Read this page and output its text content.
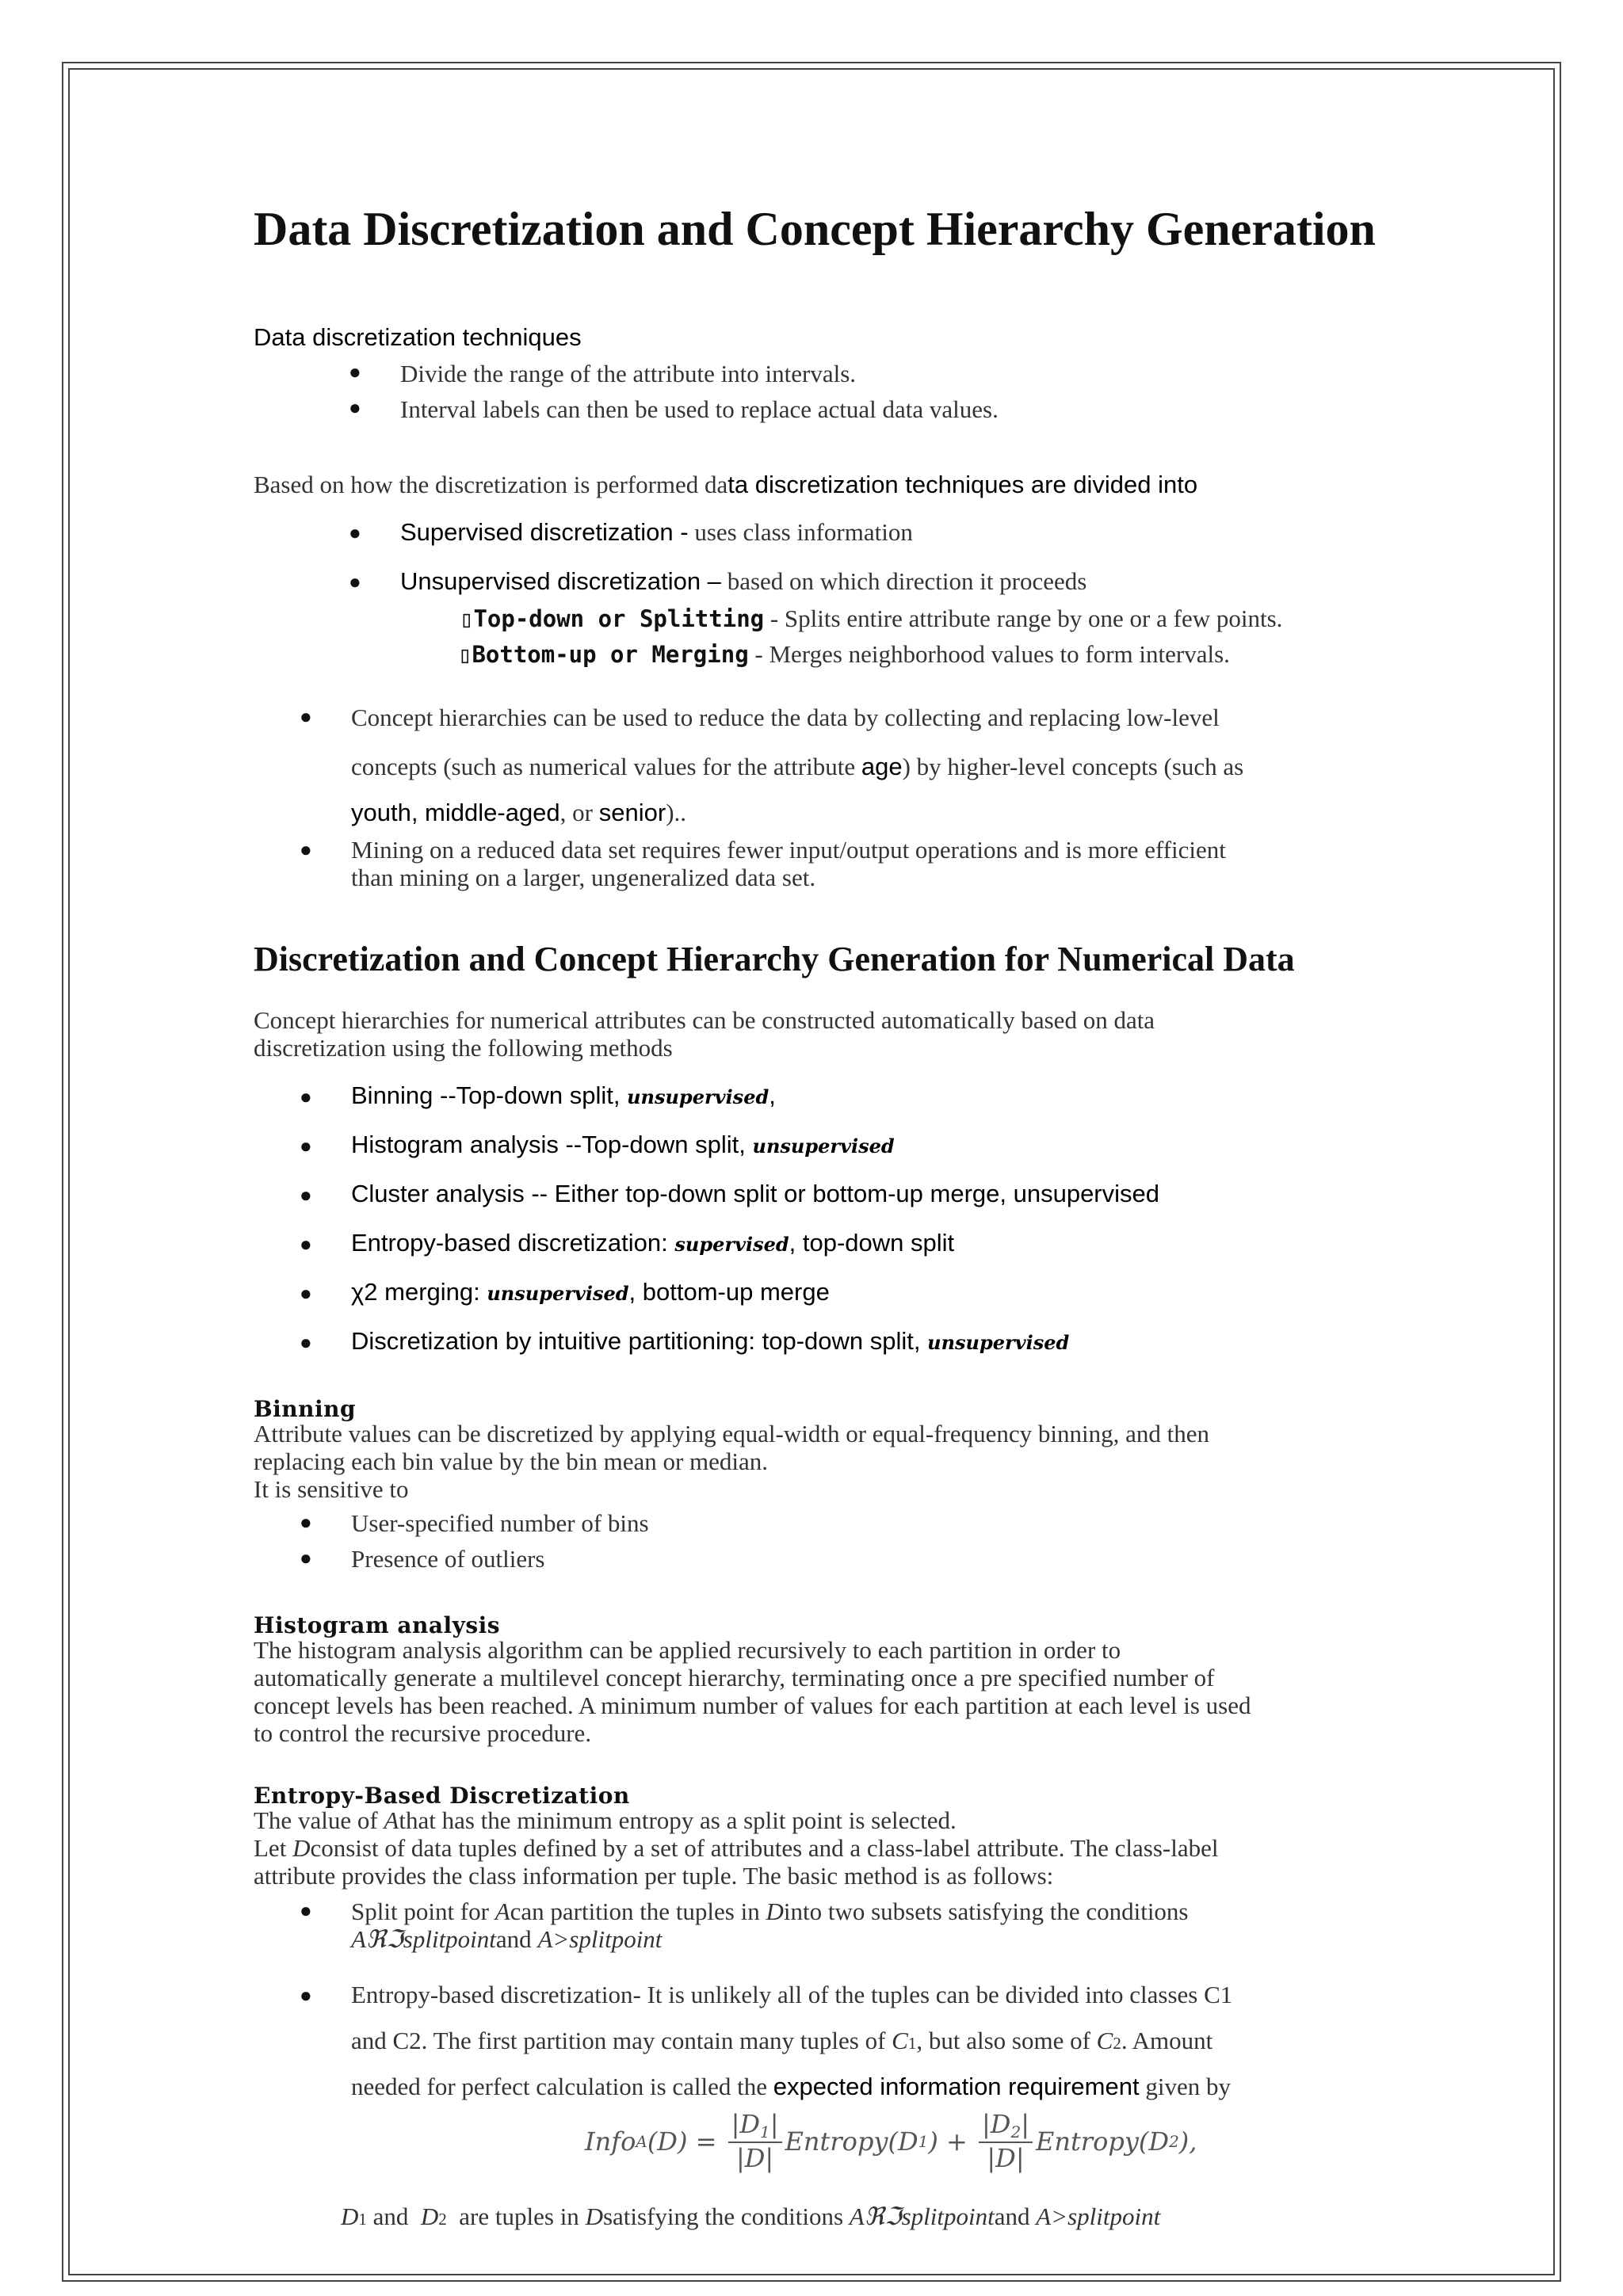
Data Discretization and Concept Hierarchy Generation
Data discretization techniques
● Divide the range of the attribute into intervals.
● Interval labels can then be used to replace actual data values.
Based on how the discretization is performed data discretization techniques are divided into
● Supervised discretization - uses class information
● Unsupervised discretization – based on which direction it proceeds
▯Top-down or Splitting - Splits entire attribute range by one or a few points.
▯Bottom-up or Merging - Merges neighborhood values to form intervals.
● Concept hierarchies can be used to reduce the data by collecting and replacing low-level
concepts (such as numerical values for the attribute age) by higher-level concepts (such as
youth, middle-aged, or senior)..
● Mining on a reduced data set requires fewer input/output operations and is more efficient
than mining on a larger, ungeneralized data set.
Discretization and Concept Hierarchy Generation for Numerical Data
Concept hierarchies for numerical attributes can be constructed automatically based on data
discretization using the following methods
● Binning --Top-down split, unsupervised,
● Histogram analysis --Top-down split, unsupervised
● Cluster analysis -- Either top-down split or bottom-up merge, unsupervised
● Entropy-based discretization: supervised, top-down split
● χ2 merging: unsupervised, bottom-up merge
● Discretization by intuitive partitioning: top-down split, unsupervised
Binning
Attribute values can be discretized by applying equal-width or equal-frequency binning, and then
replacing each bin value by the bin mean or median.
It is sensitive to
● User-specified number of bins
● Presence of outliers
Histogram analysis
The histogram analysis algorithm can be applied recursively to each partition in order to
automatically generate a multilevel concept hierarchy, terminating once a pre specified number of
concept levels has been reached. A minimum number of values for each partition at each level is used
to control the recursive procedure.
Entropy-Based Discretization
The value of Athat has the minimum entropy as a split point is selected.
Let Dconsist of data tuples defined by a set of attributes and a class-label attribute. The class-label
attribute provides the class information per tuple. The basic method is as follows:
● Split point for Acan partition the tuples in Dinto two subsets satisfying the conditions
Aℜℑsplitpointand A>splitpoint
● Entropy-based discretization- It is unlikely all of the tuples can be divided into classes C1
and C2. The first partition may contain many tuples of C1, but also some of C2. Amount
needed for perfect calculation is called the expected information requirement given by
Info A $(D) = \frac{|D_1|}{|D|}$ Entropy(D 1 ) + $\frac{|D_2|}{|D|}$ Entropy(D 2 ),
D1 and  D2  are tuples in Dsatisfying the conditions Aℜℑsplitpointand A>splitpoint
